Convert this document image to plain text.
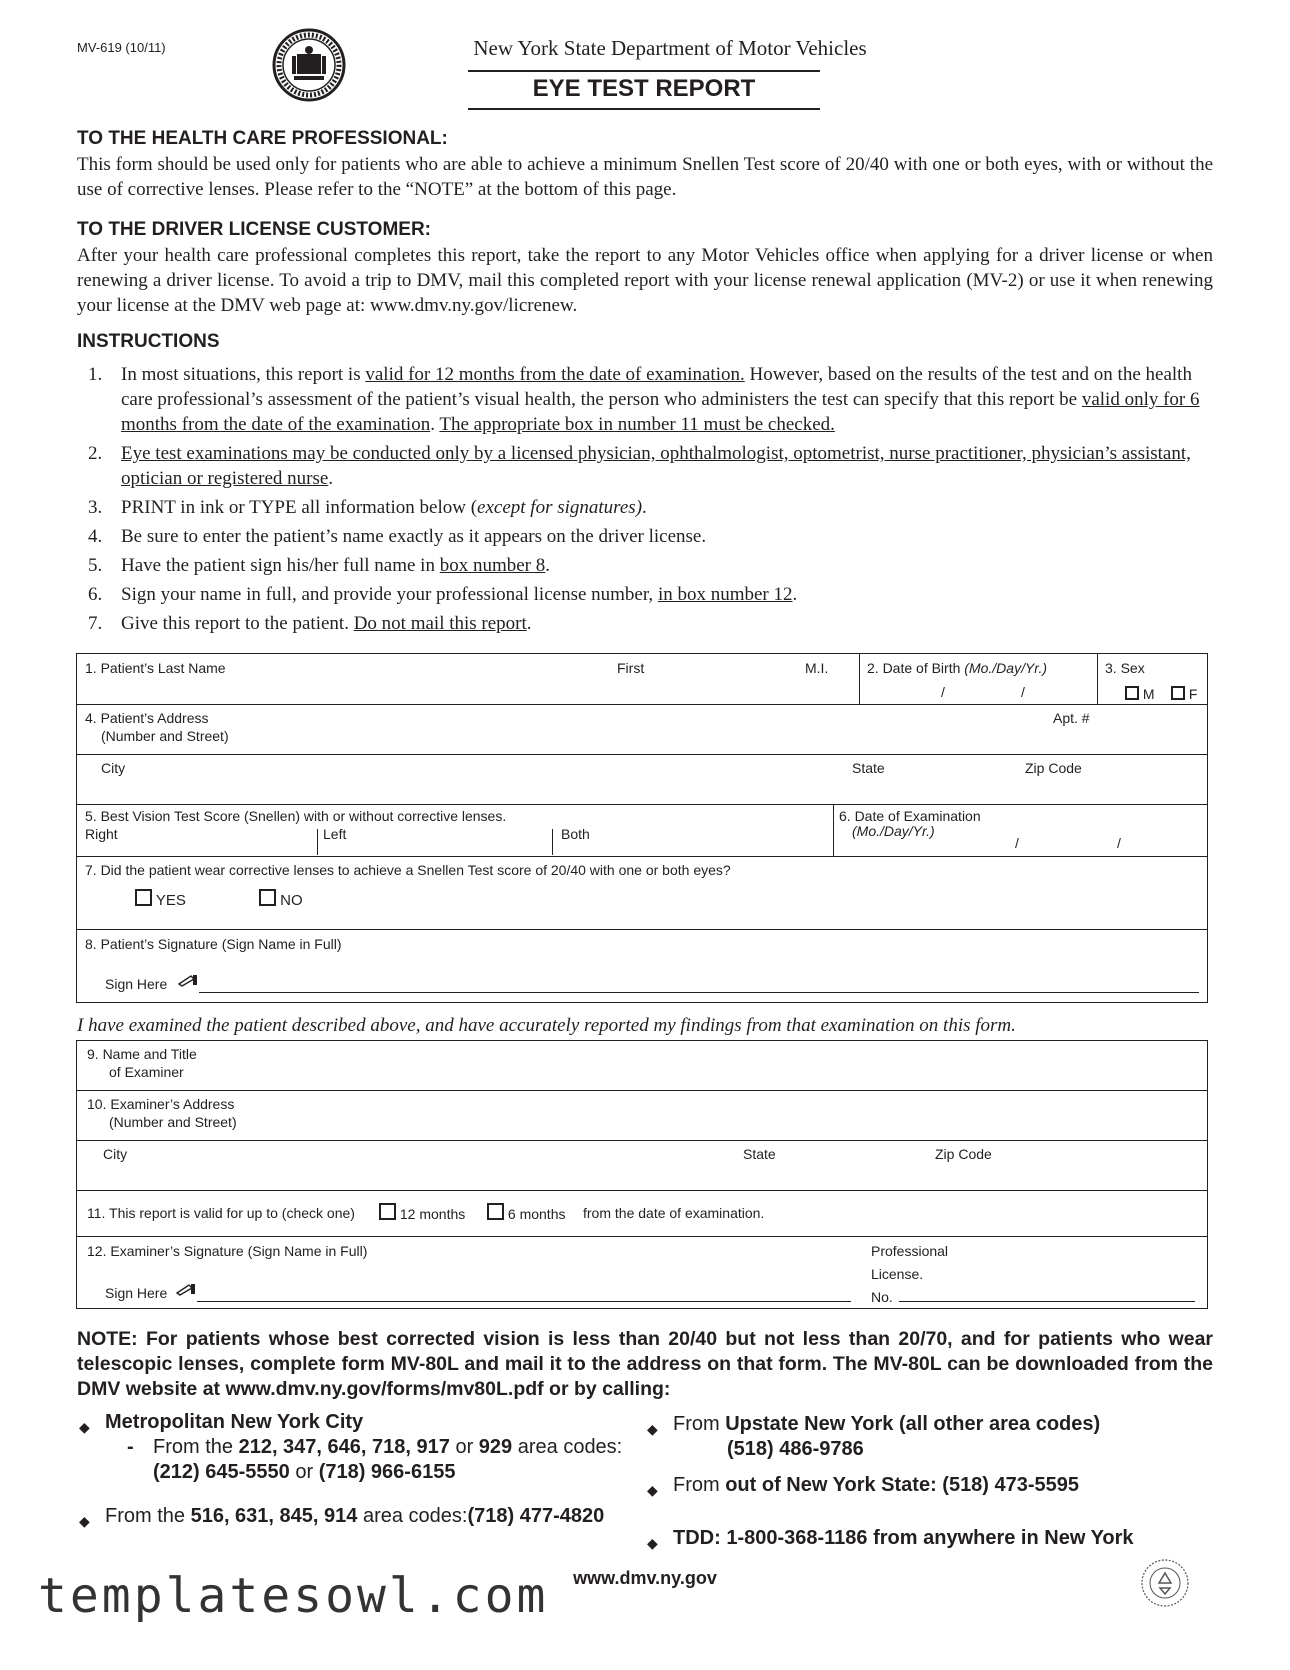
MV-619 (10/11)	New York State Department of Motor Vehicles
EYE TEST REPORT
TO THE HEALTH CARE PROFESSIONAL:
This form should be used only for patients who are able to achieve a minimum Snellen Test score of 20/40 with one or both eyes, with or without the use of corrective lenses. Please refer to the “NOTE” at the bottom of this page.
TO THE DRIVER LICENSE CUSTOMER:
After your health care professional completes this report, take the report to any Motor Vehicles office when applying for a driver license or when renewing a driver license. To avoid a trip to DMV, mail this completed report with your license renewal application (MV-2) or use it when renewing your license at the DMV web page at: www.dmv.ny.gov/licrenew.
INSTRUCTIONS
1. In most situations, this report is valid for 12 months from the date of examination. However, based on the results of the test and on the health care professional’s assessment of the patient’s visual health, the person who administers the test can specify that this report be valid only for 6 months from the date of the examination. The appropriate box in number 11 must be checked.
2. Eye test examinations may be conducted only by a licensed physician, ophthalmologist, optometrist, nurse practitioner, physician’s assistant, optician or registered nurse.
3. PRINT in ink or TYPE all information below (except for signatures).
4. Be sure to enter the patient’s name exactly as it appears on the driver license.
5. Have the patient sign his/her full name in box number 8.
6. Sign your name in full, and provide your professional license number, in box number 12.
7. Give this report to the patient. Do not mail this report.
1. Patient’s Last Name	First	M.I.	2. Date of Birth (Mo./Day/Yr.)
/	/
3. Sex
M	F
4. Patient’s Address
(Number and Street)
Apt. #
City	State	Zip Code
5. Best Vision Test Score (Snellen) with or without corrective lenses.
Right	Left	Both
6. Date of Examination
(Mo./Day/Yr.)
/	/
7. Did the patient wear corrective lenses to achieve a Snellen Test score of 20/40 with one or both eyes?
YES	NO
8. Patient’s Signature (Sign Name in Full)
Sign Here
I have examined the patient described above, and have accurately reported my findings from that examination on this form.
9. Name and Title
of Examiner
10. Examiner’s Address
(Number and Street)
City	State	Zip Code
11. This report is valid for up to (check one)	12 months	6 months from the date of examination.
12. Examiner’s Signature (Sign Name in Full)
Sign Here
Professional
License.
No.
NOTE: For patients whose best corrected vision is less than 20/40 but not less than 20/70, and for patients who wear telescopic lenses, complete form MV-80L and mail it to the address on that form. The MV-80L can be downloaded from the DMV website at www.dmv.ny.gov/forms/mv80L.pdf or by calling:
◆ Metropolitan New York City
- From the 212, 347, 646, 718, 917 or 929 area codes:
(212) 645-5550 or (718) 966-6155
◆ From the 516, 631, 845, 914 area codes:(718) 477-4820
◆ From Upstate New York (all other area codes)
(518) 486-9786
◆ From out of New York State: (518) 473-5595
◆ TDD: 1-800-368-1186 from anywhere in New York
www.dmv.ny.gov
templatesowl.com
